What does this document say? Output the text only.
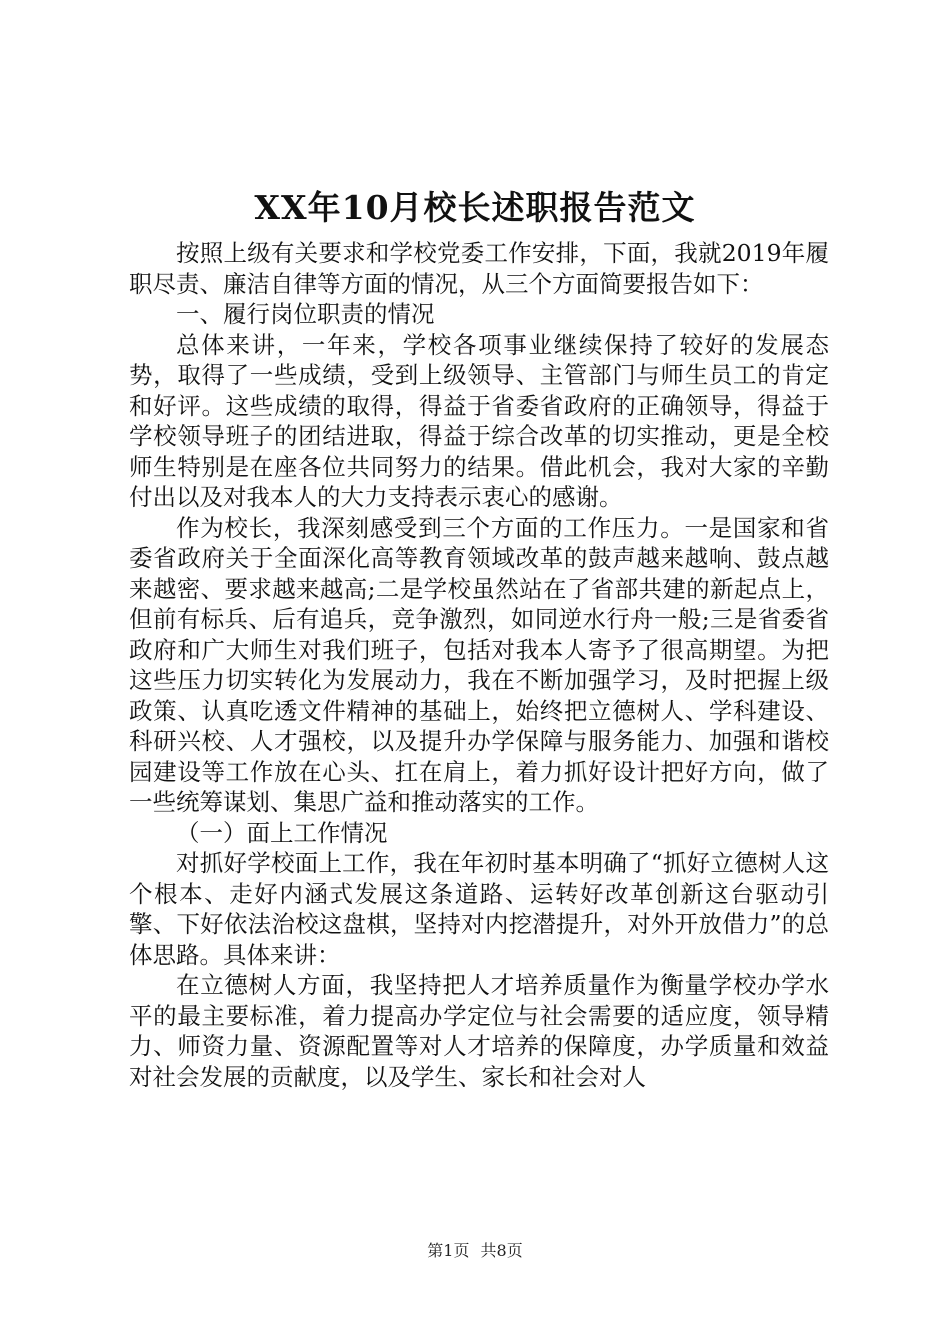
XX年10月校长述职报告范文

按照上级有关要求和学校党委工作安排，下面，我就2019年履职尽责、廉洁自律等方面的情况，从三个方面简要报告如下：

一、履行岗位职责的情况

总体来讲，一年来，学校各项事业继续保持了较好的发展态势，取得了一些成绩，受到上级领导、主管部门与师生员工的肯定和好评。这些成绩的取得，得益于省委省政府的正确领导，得益于学校领导班子的团结进取，得益于综合改革的切实推动，更是全校师生特别是在座各位共同努力的结果。借此机会，我对大家的辛勤付出以及对我本人的大力支持表示衷心的感谢。

作为校长，我深刻感受到三个方面的工作压力。一是国家和省委省政府关于全面深化高等教育领域改革的鼓声越来越响、鼓点越来越密、要求越来越高;二是学校虽然站在了省部共建的新起点上，但前有标兵、后有追兵，竞争激烈，如同逆水行舟一般;三是省委省政府和广大师生对我们班子，包括对我本人寄予了很高期望。为把这些压力切实转化为发展动力，我在不断加强学习，及时把握上级政策、认真吃透文件精神的基础上，始终把立德树人、学科建设、科研兴校、人才强校，以及提升办学保障与服务能力、加强和谐校园建设等工作放在心头、扛在肩上，着力抓好设计把好方向，做了一些统筹谋划、集思广益和推动落实的工作。

（一）面上工作情况

对抓好学校面上工作，我在年初时基本明确了“抓好立德树人这个根本、走好内涵式发展这条道路、运转好改革创新这台驱动引擎、下好依法治校这盘棋，坚持对内挖潜提升，对外开放借力”的总体思路。具体来讲：

在立德树人方面，我坚持把人才培养质量作为衡量学校办学水平的最主要标准，着力提高办学定位与社会需要的适应度，领导精力、师资力量、资源配置等对人才培养的保障度，办学质量和效益对社会发展的贡献度，以及学生、家长和社会对人

第1页 共8页
